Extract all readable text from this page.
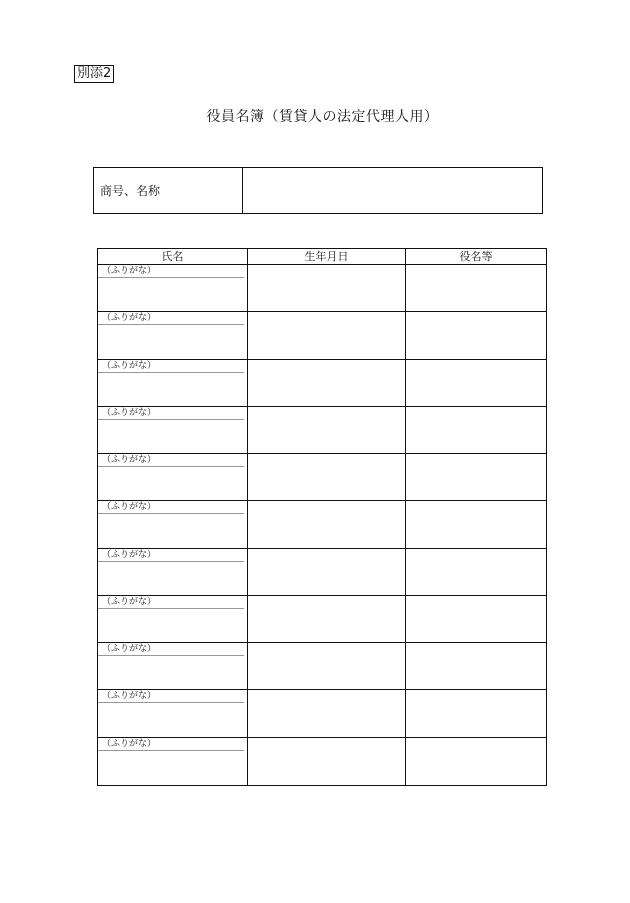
別添2
役員名簿（賃貸人の法定代理人用）
商号、名称
氏名	生年月日	役名等
（ふりがな）
（ふりがな）
（ふりがな）
（ふりがな）
（ふりがな）
（ふりがな）
（ふりがな）
（ふりがな）
（ふりがな）
（ふりがな）
（ふりがな）
